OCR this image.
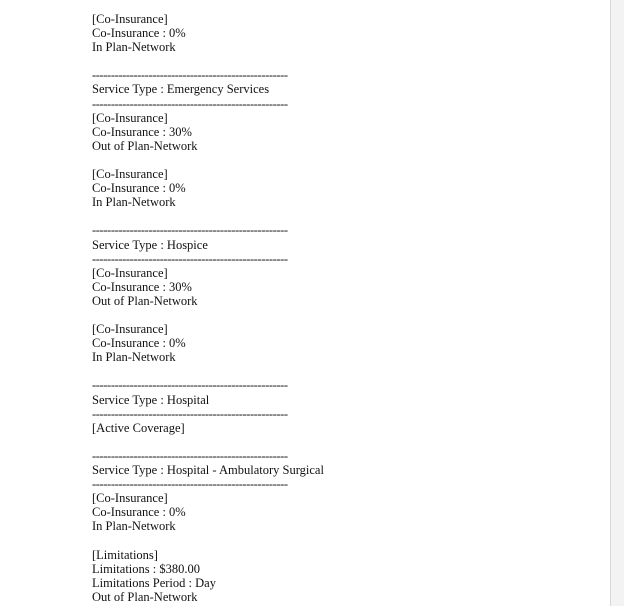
[Co-Insurance]
Co-Insurance : 0%
In Plan-Network
----------------------------------------------------
Service Type : Emergency Services
----------------------------------------------------
[Co-Insurance]
Co-Insurance : 30%
Out of Plan-Network
[Co-Insurance]
Co-Insurance : 0%
In Plan-Network
----------------------------------------------------
Service Type : Hospice
----------------------------------------------------
[Co-Insurance]
Co-Insurance : 30%
Out of Plan-Network
[Co-Insurance]
Co-Insurance : 0%
In Plan-Network
----------------------------------------------------
Service Type : Hospital
----------------------------------------------------
[Active Coverage]
----------------------------------------------------
Service Type : Hospital - Ambulatory Surgical
----------------------------------------------------
[Co-Insurance]
Co-Insurance : 0%
In Plan-Network
[Limitations]
Limitations : $380.00
Limitations Period : Day
Out of Plan-Network
